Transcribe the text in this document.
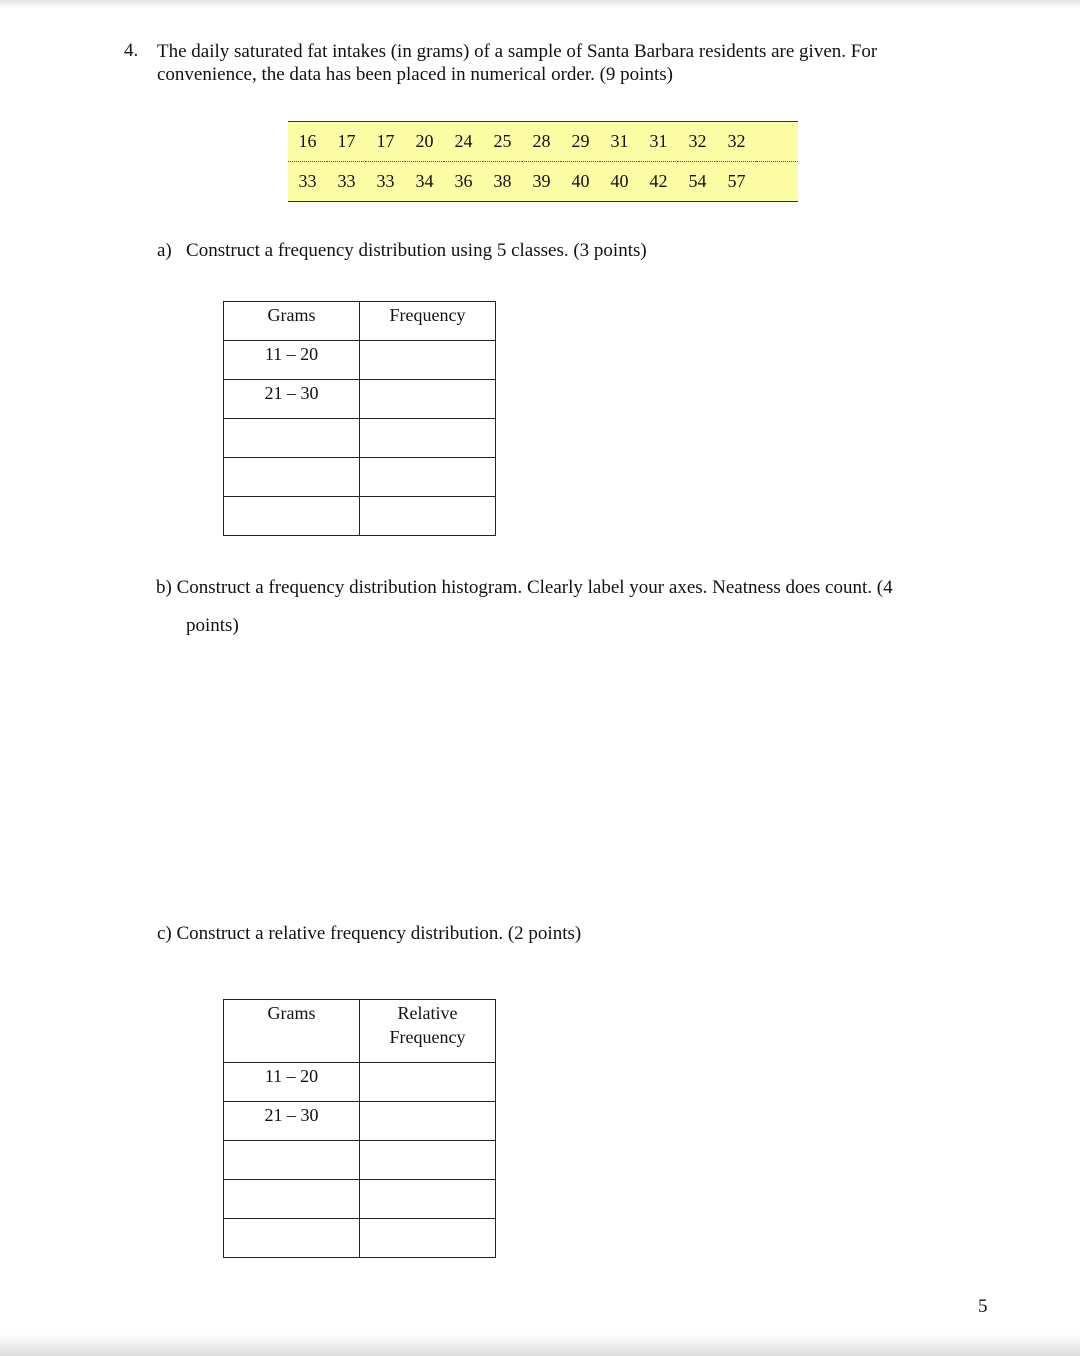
4. The daily saturated fat intakes (in grams) of a sample of Santa Barbara residents are given. For
convenience, the data has been placed in numerical order. (9 points)
16	17	17	20	24	25	28	29	31	31	32	32	
33	33	33	34	36	38	39	40	40	42	54	57	
a) Construct a frequency distribution using 5 classes. (3 points)
Grams	Frequency

11 – 20	

21 – 30	

b) Construct a frequency distribution histogram. Clearly label your axes. Neatness does count. (4
points)
c) Construct a relative frequency distribution. (2 points)
Grams	Relative
Frequency

11 – 20	

21 – 30	

5
